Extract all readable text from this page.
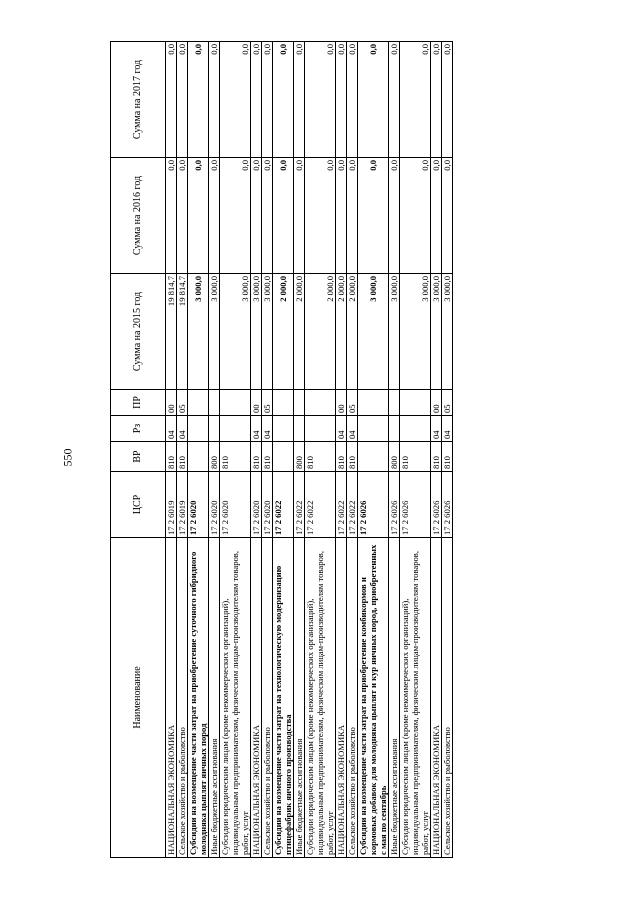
550
Наименование	ЦСР	ВР	Рз	ПР	Сумма на 2015 год	Сумма на 2016 год	Сумма на 2017 год
НАЦИОНАЛЬНАЯ ЭКОНОМИКА	17 2 6019	810	04	00	19 814,7	0,0	0,0
Сельское хозяйство и рыболовство	17 2 6019	810	04	05	19 814,7	0,0	0,0
Субсидии на возмещение части затрат на приобретение суточного гибридного молодняка цыплят яичных пород	17 2 6020				3 000,0	0,0	0,0
Иные бюджетные ассигнования	17 2 6020	800			3 000,0	0,0	0,0
Субсидии юридическим лицам (кроме некоммерческих организаций), индивидуальным предпринимателям, физическим лицам-производителям товаров, работ, услуг	17 2 6020	810			3 000,0	0,0	0,0
НАЦИОНАЛЬНАЯ ЭКОНОМИКА	17 2 6020	810	04	00	3 000,0	0,0	0,0
Сельское хозяйство и рыболовство	17 2 6020	810	04	05	3 000,0	0,0	0,0
Субсидии на возмещение части затрат на технологическую модернизацию птицефабрик яичного производства	17 2 6022				2 000,0	0,0	0,0
Иные бюджетные ассигнования	17 2 6022	800			2 000,0	0,0	0,0
Субсидии юридическим лицам (кроме некоммерческих организаций), индивидуальным предпринимателям, физическим лицам-производителям товаров, работ, услуг	17 2 6022	810			2 000,0	0,0	0,0
НАЦИОНАЛЬНАЯ ЭКОНОМИКА	17 2 6022	810	04	00	2 000,0	0,0	0,0
Сельское хозяйство и рыболовство	17 2 6022	810	04	05	2 000,0	0,0	0,0
Субсидии на возмещение части затрат на приобретение комбикормов и кормовых добавок для молодняка цыплят и кур яичных пород, приобретенных с мая по сентябрь	17 2 6026				3 000,0	0,0	0,0
Иные бюджетные ассигнования	17 2 6026	800			3 000,0	0,0	0,0
Субсидии юридическим лицам (кроме некоммерческих организаций), индивидуальным предпринимателям, физическим лицам-производителям товаров, работ, услуг	17 2 6026	810			3 000,0	0,0	0,0
НАЦИОНАЛЬНАЯ ЭКОНОМИКА	17 2 6026	810	04	00	3 000,0	0,0	0,0
Сельское хозяйство и рыболовство	17 2 6026	810	04	05	3 000,0	0,0	0,0
